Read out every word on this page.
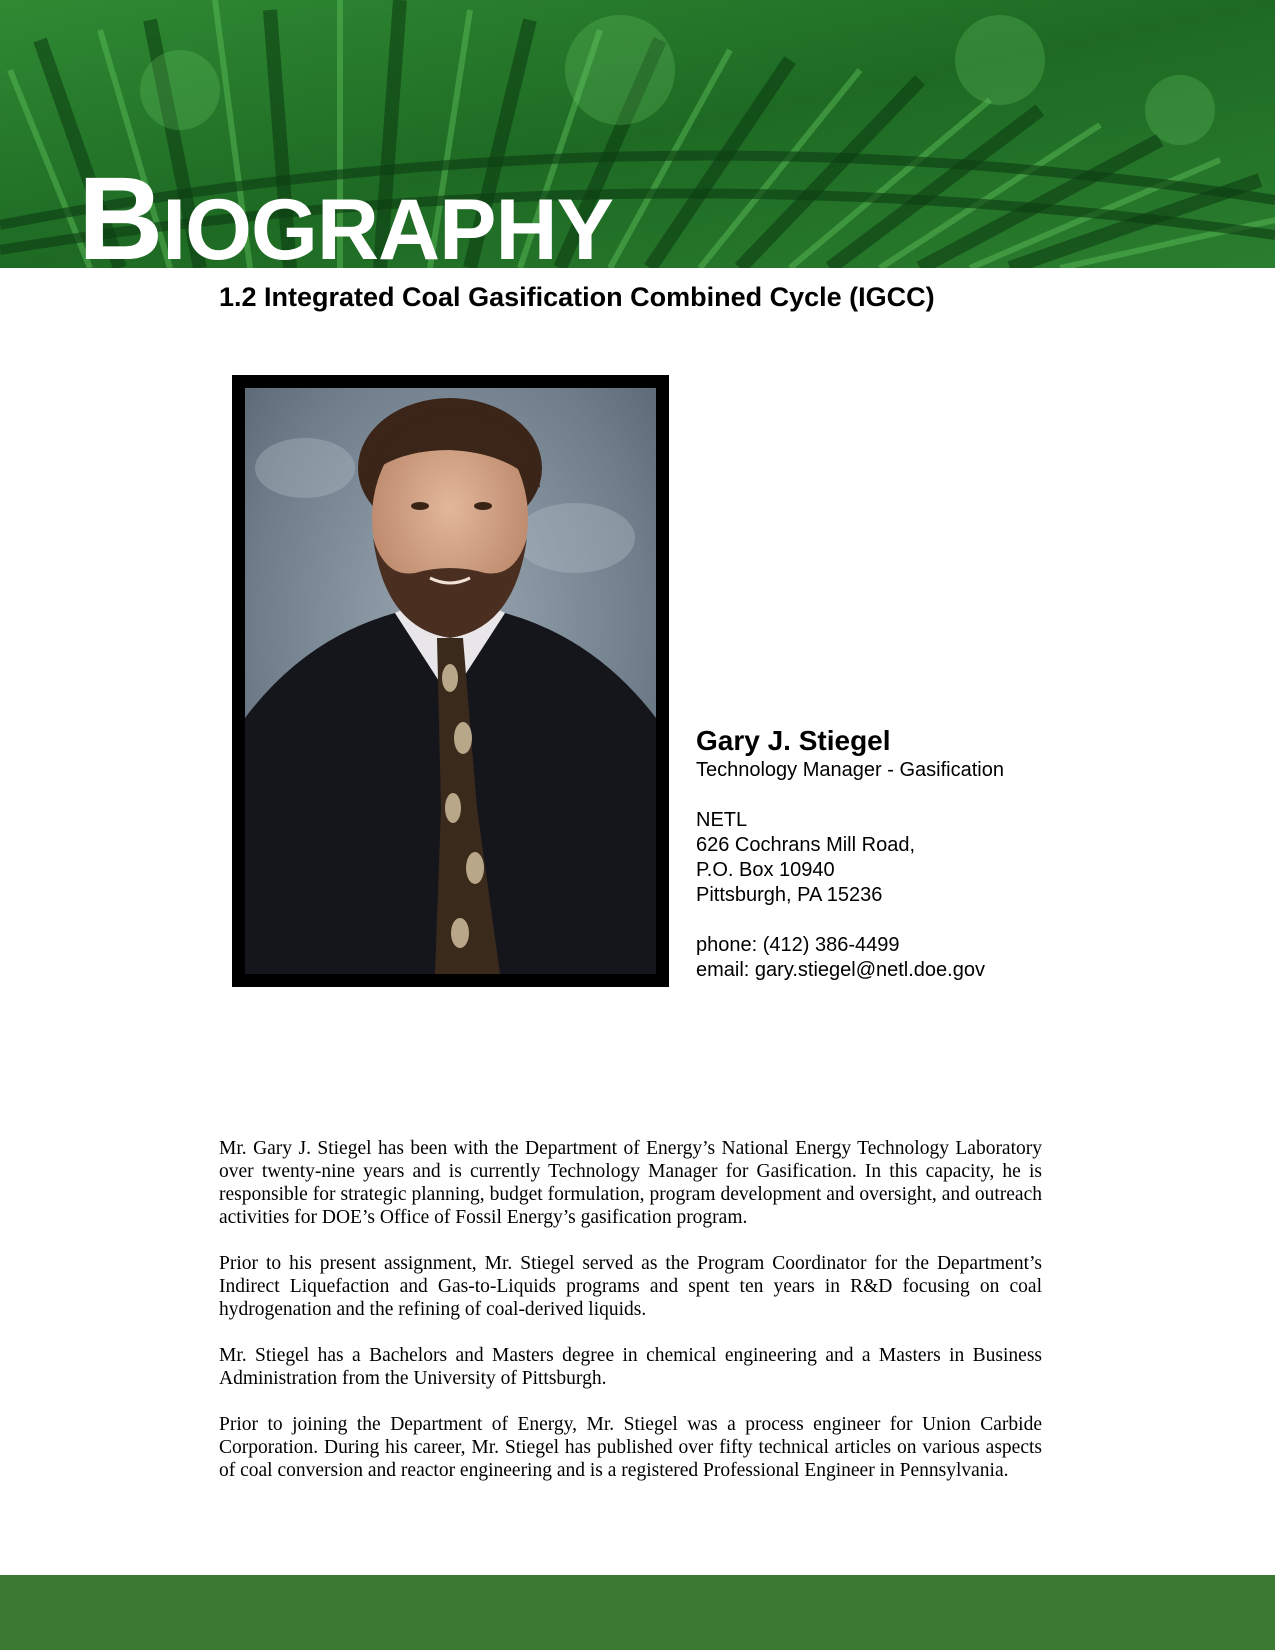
BIOGRAPHY
1.2 Integrated Coal Gasification Combined Cycle (IGCC)
Gary J. Stiegel
Technology Manager - Gasification
NETL
626 Cochrans Mill Road,
P.O. Box 10940
Pittsburgh, PA 15236
phone: (412) 386-4499
email: gary.stiegel@netl.doe.gov

Mr. Gary J. Stiegel has been with the Department of Energy’s National Energy Technology Laboratory over twenty-nine years and is currently Technology Manager for Gasification. In this capacity, he is responsible for strategic planning, budget formulation, program development and oversight, and outreach activities for DOE’s Office of Fossil Energy’s gasification program.

Prior to his present assignment, Mr. Stiegel served as the Program Coordinator for the Department’s Indirect Liquefaction and Gas-to-Liquids programs and spent ten years in R&D focusing on coal hydrogenation and the refining of coal-derived liquids.

Mr. Stiegel has a Bachelors and Masters degree in chemical engineering and a Masters in Business Administration from the University of Pittsburgh.

Prior to joining the Department of Energy, Mr. Stiegel was a process engineer for Union Carbide Corporation. During his career, Mr. Stiegel has published over fifty technical articles on various aspects of coal conversion and reactor engineering and is a registered Professional Engineer in Pennsylvania.
